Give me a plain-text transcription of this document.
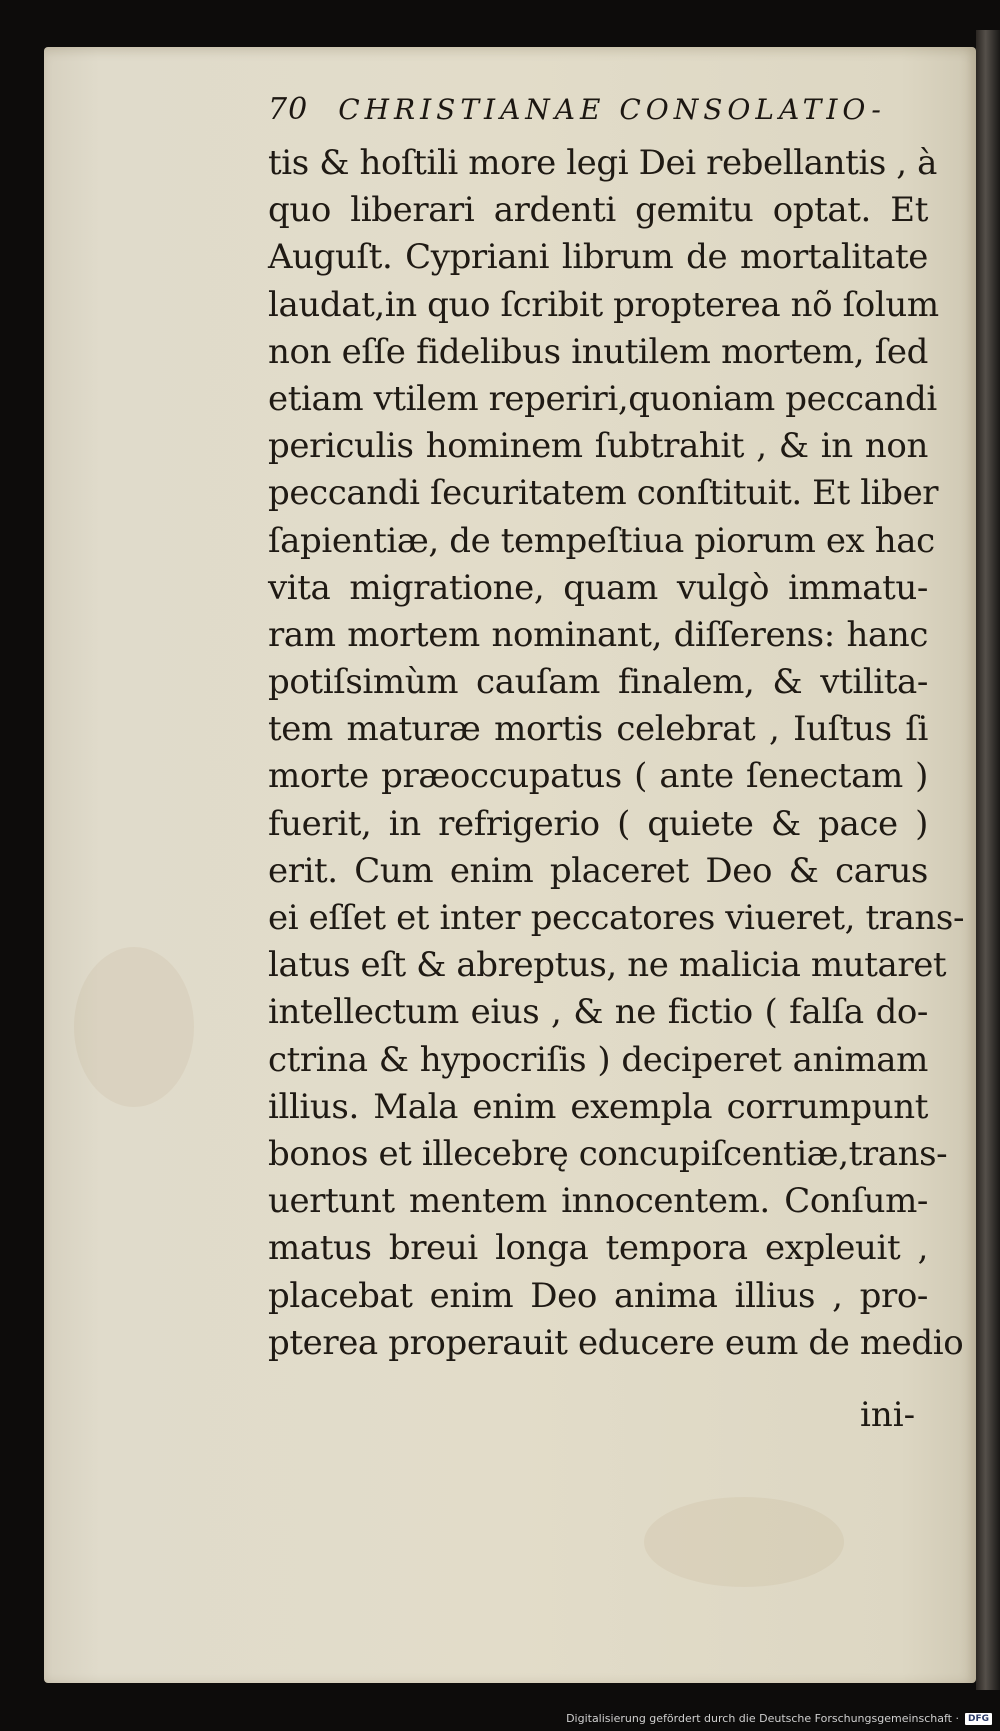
70 CHRISTIANAE CONSOLATIO-
tis & hoſtili more legi Dei rebellantis , à
quo liberari ardenti gemitu optat. Et
Auguſt. Cypriani librum de mortalitate
laudat,in quo ſcribit propterea nõ ſolum
non eſſe fidelibus inutilem mortem, ſed
etiam vtilem reperiri,quoniam peccandi
periculis hominem ſubtrahit , & in non
peccandi ſecuritatem conſtituit. Et liber
ſapientiæ, de tempeſtiua piorum ex hac
vita migratione, quam vulgò immatu-
ram mortem nominant, diſſerens: hanc
potiſsimùm cauſam finalem, & vtilita-
tem maturæ mortis celebrat , Iuſtus ſi
morte præoccupatus ( ante ſenectam )
fuerit, in refrigerio ( quiete & pace )
erit. Cum enim placeret Deo & carus
ei eſſet et inter peccatores viueret, trans-
latus eſt & abreptus, ne malicia mutaret
intellectum eius , & ne fictio ( falſa do-
ctrina & hypocriſis ) deciperet animam
illius. Mala enim exempla corrumpunt
bonos et illecebrę concupiſcentiæ,trans-
uertunt mentem innocentem. Conſum-
matus breui longa tempora expleuit ,
placebat enim Deo anima illius , pro-
pterea properauit educere eum de medio
ini-
Digitalisierung gefördert durch die Deutsche Forschungsgemeinschaft ·	DFG
